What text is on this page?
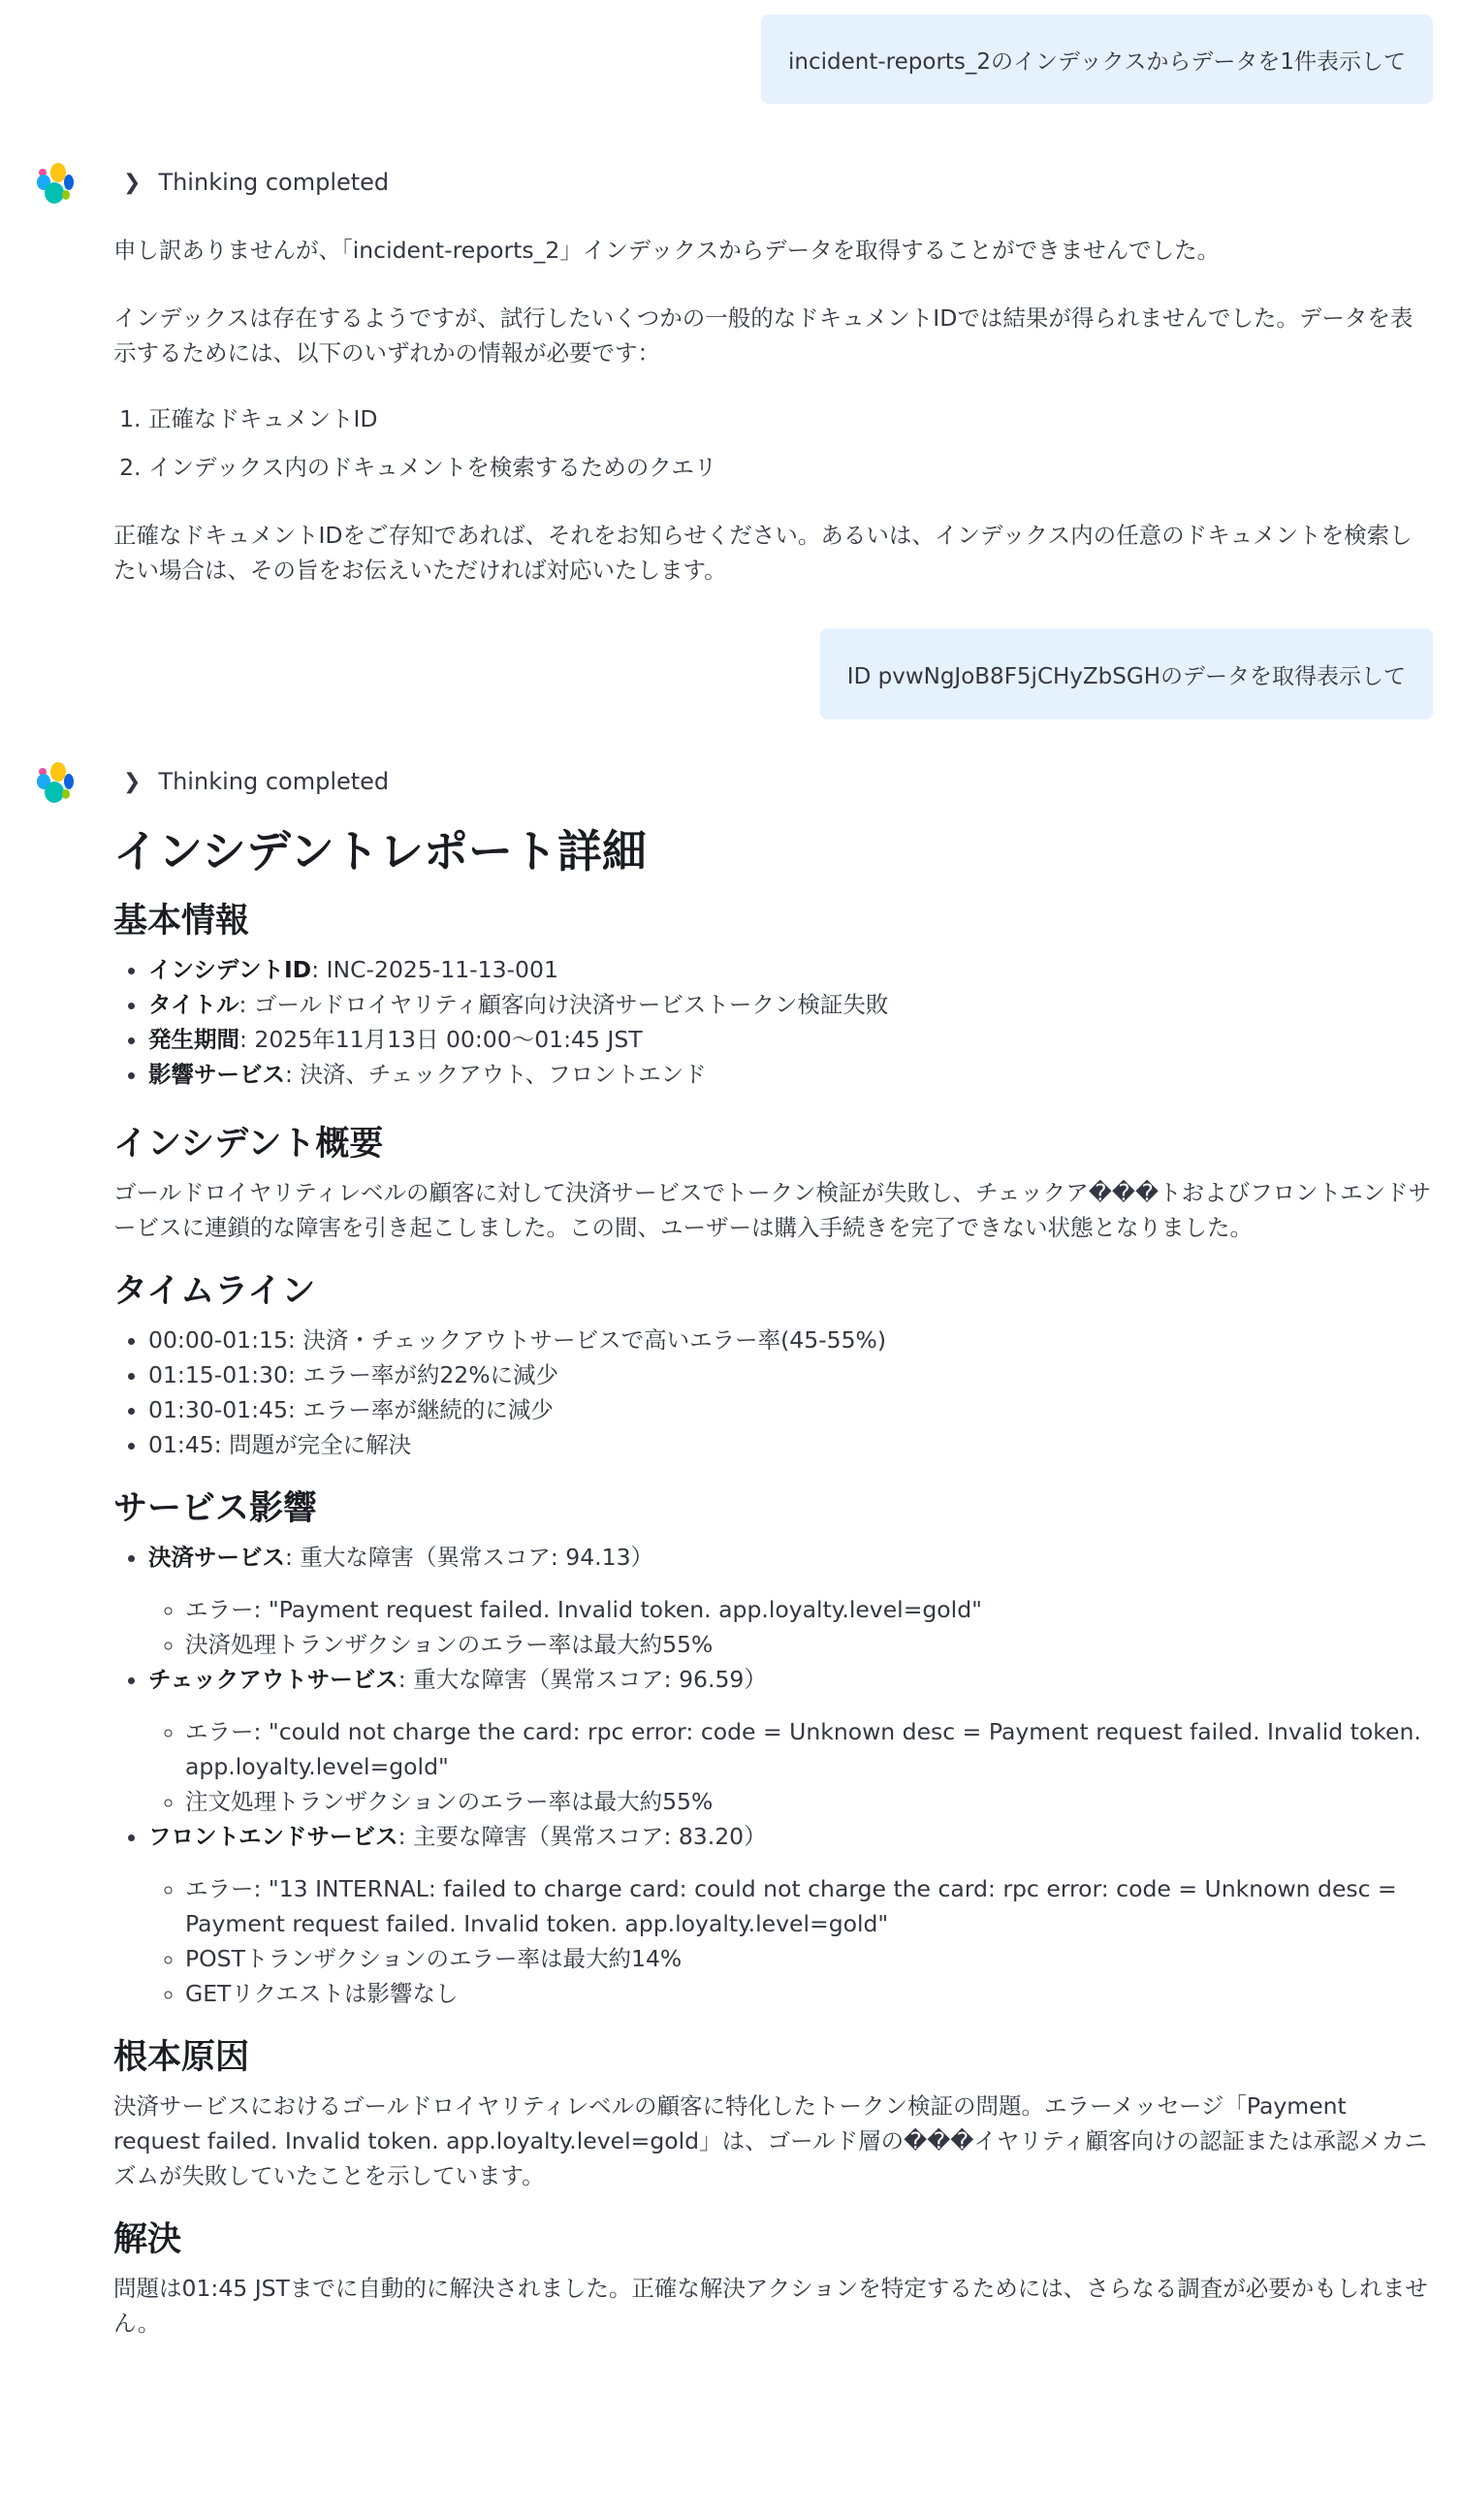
incident-reports_2のインデックスからデータを1件表示して
❯ Thinking completed

申し訳ありませんが、「incident-reports_2」インデックスからデータを取得することができませんでした。

インデックスは存在するようですが、試行したいくつかの一般的なドキュメントIDでは結果が得られませんでした。データを表示するためには、以下のいずれかの情報が必要です：

1. 正確なドキュメントID
2. インデックス内のドキュメントを検索するためのクエリ

正確なドキュメントIDをご存知であれば、それをお知らせください。あるいは、インデックス内の任意のドキュメントを検索したい場合は、その旨をお伝えいただければ対応いたします。

ID pvwNgJoB8F5jCHyZbSGHのデータを取得表示して
❯ Thinking completed
インシデントレポート詳細
基本情報
• インシデントID: INC-2025-11-13-001
• タイトル: ゴールドロイヤリティ顧客向け決済サービストークン検証失敗
• 発生期間: 2025年11月13日 00:00〜01:45 JST
• 影響サービス: 決済、チェックアウト、フロントエンド
インシデント概要

ゴールドロイヤリティレベルの顧客に対して決済サービスでトークン検証が失敗し、チェックア���トおよびフロントエンドサービスに連鎖的な障害を引き起こしました。この間、ユーザーは購入手続きを完了できない状態となりました。

タイムライン
• 00:00-01:15: 決済・チェックアウトサービスで高いエラー率(45-55%)
• 01:15-01:30: エラー率が約22%に減少
• 01:30-01:45: エラー率が継続的に減少
• 01:45: 問題が完全に解決
サービス影響
• 決済サービス: 重大な障害（異常スコア: 94.13）
◦ エラー: "Payment request failed. Invalid token. app.loyalty.level=gold"
◦ 決済処理トランザクションのエラー率は最大約55%
• チェックアウトサービス: 重大な障害（異常スコア: 96.59）
◦ エラー: "could not charge the card: rpc error: code = Unknown desc = Payment request failed. Invalid token. app.loyalty.level=gold"
◦ 注文処理トランザクションのエラー率は最大約55%
• フロントエンドサービス: 主要な障害（異常スコア: 83.20）
◦ エラー: "13 INTERNAL: failed to charge card: could not charge the card: rpc error: code = Unknown desc = Payment request failed. Invalid token. app.loyalty.level=gold"
◦ POSTトランザクションのエラー率は最大約14%
◦ GETリクエストは影響なし
根本原因

決済サービスにおけるゴールドロイヤリティレベルの顧客に特化したトークン検証の問題。エラーメッセージ「Payment request failed. Invalid token. app.loyalty.level=gold」は、ゴールド層の���イヤリティ顧客向けの認証または承認メカニズムが失敗していたことを示しています。

解決

問題は01:45 JSTまでに自動的に解決されました。正確な解決アクションを特定するためには、さらなる調査が必要かもしれません。
